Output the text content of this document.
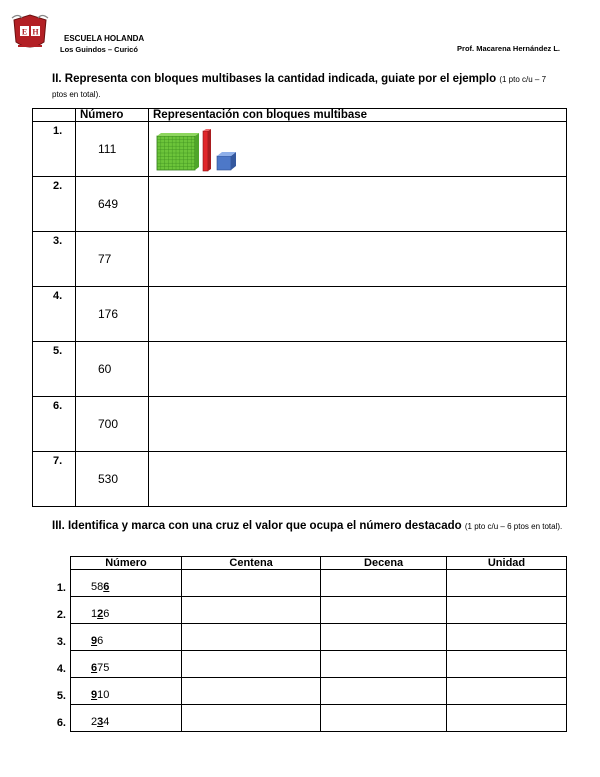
E H
ESCUELA HOLANDA
Los Guindos – Curicó	Prof. Macarena Hernández L.
II. Representa con bloques multibases la cantidad indicada, guiate por el ejemplo (1 pto c/u – 7 ptos en total).
	Número	Representación con bloques multibase
1.	111	

2.	649	
3.	77	
4.	176	
5.	60	
6.	700	
7.	530	
III. Identifica y marca con una cruz el valor que ocupa el número destacado (1 pto c/u – 6 ptos en total).
	Número	Centena	Decena	Unidad
1.	586			
2.	126			
3.	96			
4.	675			
5.	910			
6.	234			
